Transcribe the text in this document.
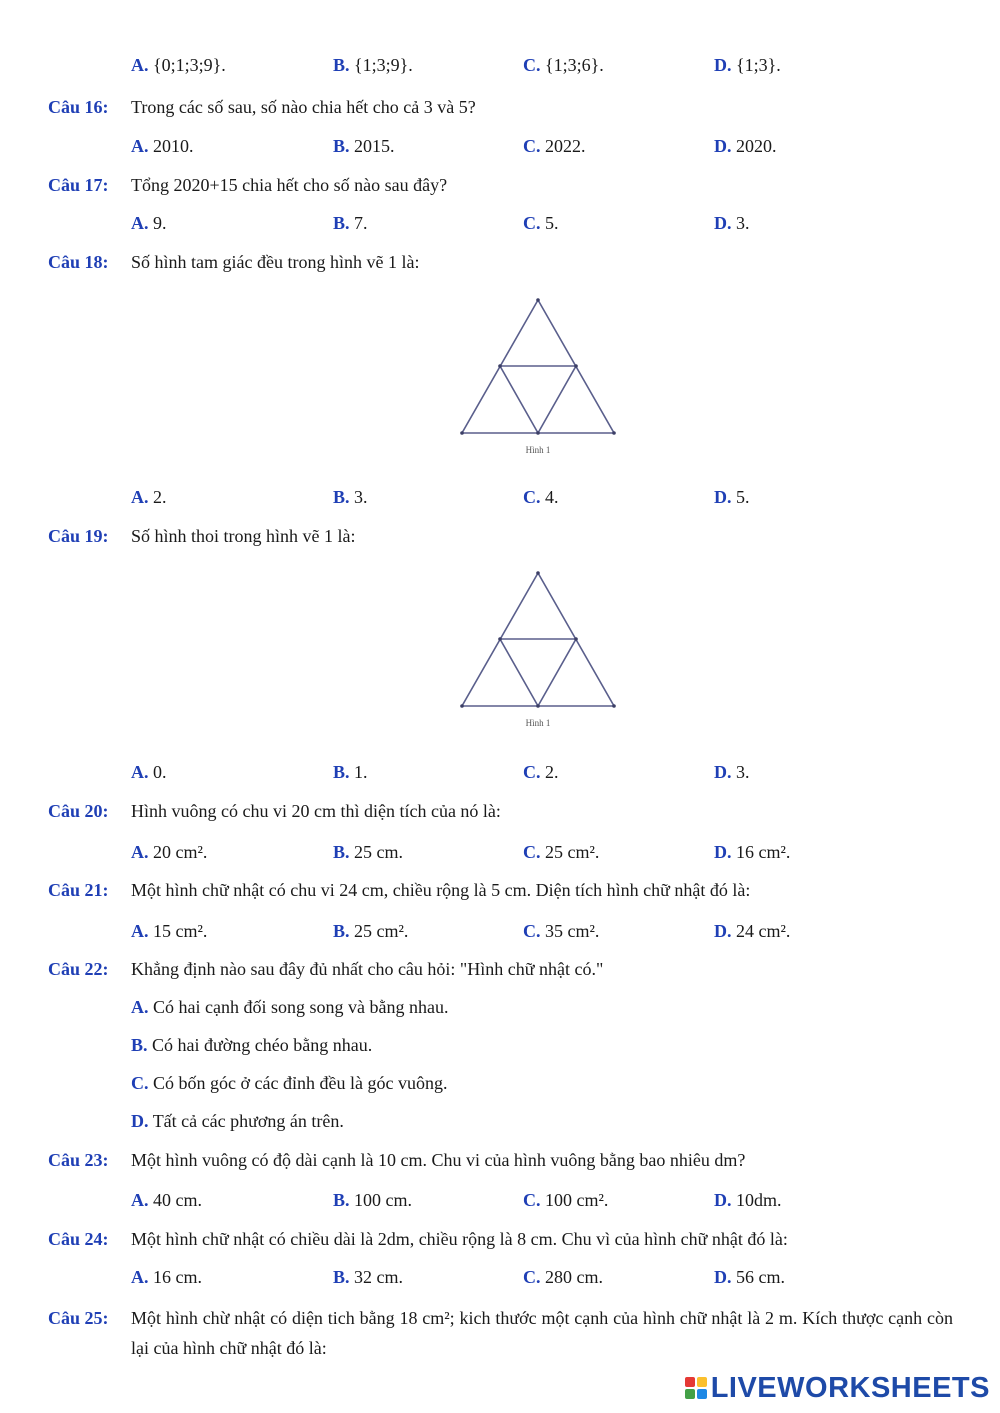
A. {0;1;3;9}.	B. {1;3;9}.	C. {1;3;6}.	D. {1;3}.
Câu 16: Trong các số sau, số nào chia hết cho cả 3 và 5?
A. 2010.	B. 2015.	C. 2022.	D. 2020.
Câu 17: Tổng 2020+15 chia hết cho số nào sau đây?
A. 9.	B. 7.	C. 5.	D. 3.
Câu 18: Số hình tam giác đều trong hình vẽ 1 là:
Hình 1
A. 2.	B. 3.	C. 4.	D. 5.
Câu 19: Số hình thoi trong hình vẽ 1 là:
Hình 1
A. 0.	B. 1.	C. 2.	D. 3.
Câu 20: Hình vuông có chu vi 20 cm thì diện tích của nó là:
A. 20 cm².	B. 25 cm.	C. 25 cm².	D. 16 cm².
Câu 21: Một hình chữ nhật có chu vi 24 cm, chiều rộng là 5 cm. Diện tích hình chữ nhật đó là:
A. 15 cm².	B. 25 cm².	C. 35 cm².	D. 24 cm².
Câu 22: Khẳng định nào sau đây đủ nhất cho câu hỏi: "Hình chữ nhật có."
A. Có hai cạnh đối song song và bằng nhau.
B. Có hai đường chéo bằng nhau.
C. Có bốn góc ở các đỉnh đều là góc vuông.
D. Tất cả các phương án trên.
Câu 23: Một hình vuông có độ dài cạnh là 10 cm. Chu vi của hình vuông bằng bao nhiêu dm?
A. 40 cm.	B. 100 cm.	C. 100 cm².	D. 10dm.
Câu 24: Một hình chữ nhật có chiều dài là 2dm, chiều rộng là 8 cm. Chu vì của hình chữ nhật đó là:
A. 16 cm.	B. 32 cm.	C. 280 cm.	D. 56 cm.
Câu 25: Một hình chừ nhật có diện tich bằng 18 cm²; kich thước một cạnh của hình chữ nhật là 2 m. Kích thược cạnh còn lại của hình chữ nhật đó là:
LIVEWORKSHEETS
